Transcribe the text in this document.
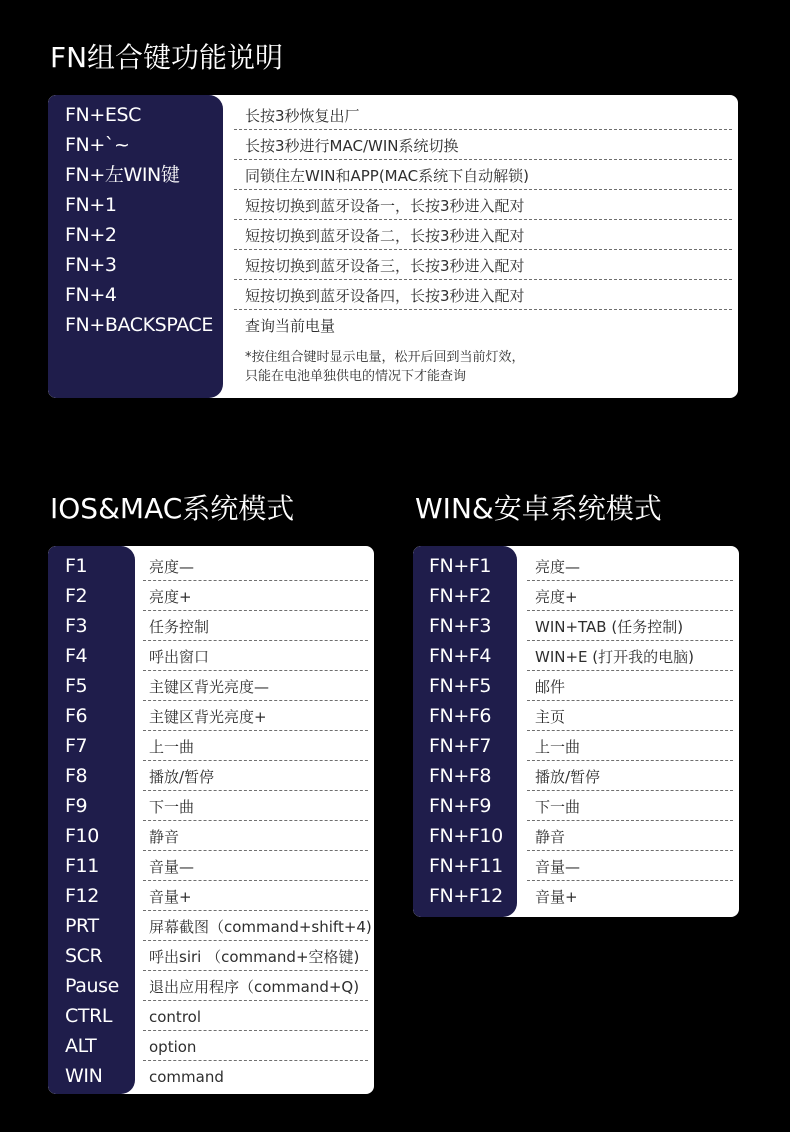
FN组合键功能说明
FN+ESC	长按3秒恢复出厂
FN+`~	长按3秒进行MAC/WIN系统切换
FN+左WIN键	同锁住左WIN和APP(MAC系统下自动解锁)
FN+1	短按切换到蓝牙设备一，长按3秒进入配对
FN+2	短按切换到蓝牙设备二，长按3秒进入配对
FN+3	短按切换到蓝牙设备三，长按3秒进入配对
FN+4	短按切换到蓝牙设备四，长按3秒进入配对
FN+BACKSPACE 查询当前电量
*按住组合键时显示电量，松开后回到当前灯效，
只能在电池单独供电的情况下才能查询
IOS&MAC系统模式
F1	亮度—
F2	亮度+
F3	任务控制
F4	呼出窗口
F5	主键区背光亮度—
F6	主键区背光亮度+
F7	上一曲
F8	播放/暂停
F9	下一曲
F10	静音
F11	音量—
F12	音量+
PRT	屏幕截图（command+shift+4)
SCR	呼出siri （command+空格键)
Pause 退出应用程序（command+Q)
CTRL control
ALT	option
WIN	command
WIN&安卓系统模式
FN+F1	亮度—
FN+F2	亮度+
FN+F3	WIN+TAB (任务控制)
FN+F4	WIN+E (打开我的电脑)
FN+F5	邮件
FN+F6	主页
FN+F7	上一曲
FN+F8	播放/暂停
FN+F9	下一曲
FN+F10 静音
FN+F11 音量—
FN+F12 音量+
